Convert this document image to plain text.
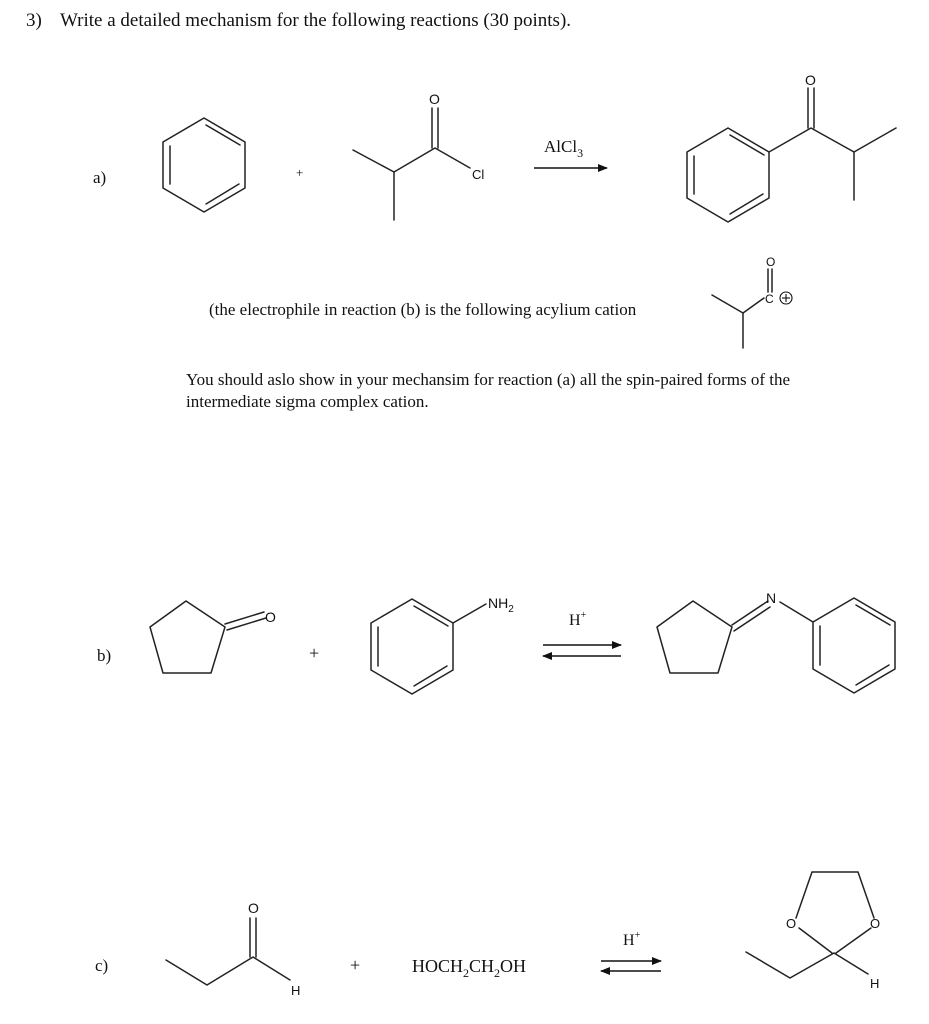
3) Write a detailed mechanism for the following reactions (30 points).
a)	+
O
Cl
AlCl$_3$
O
(the electrophile in reaction (b) is the following acylium cation
O
C
You should aslo show in your mechansim for reaction (a) all the spin-paired forms of the
intermediate sigma complex cation.
b)
O
+
$NH_2$
H+
N
c)
O
H
+	$HOCH_2CH_2OH$
H+
O	O
H
